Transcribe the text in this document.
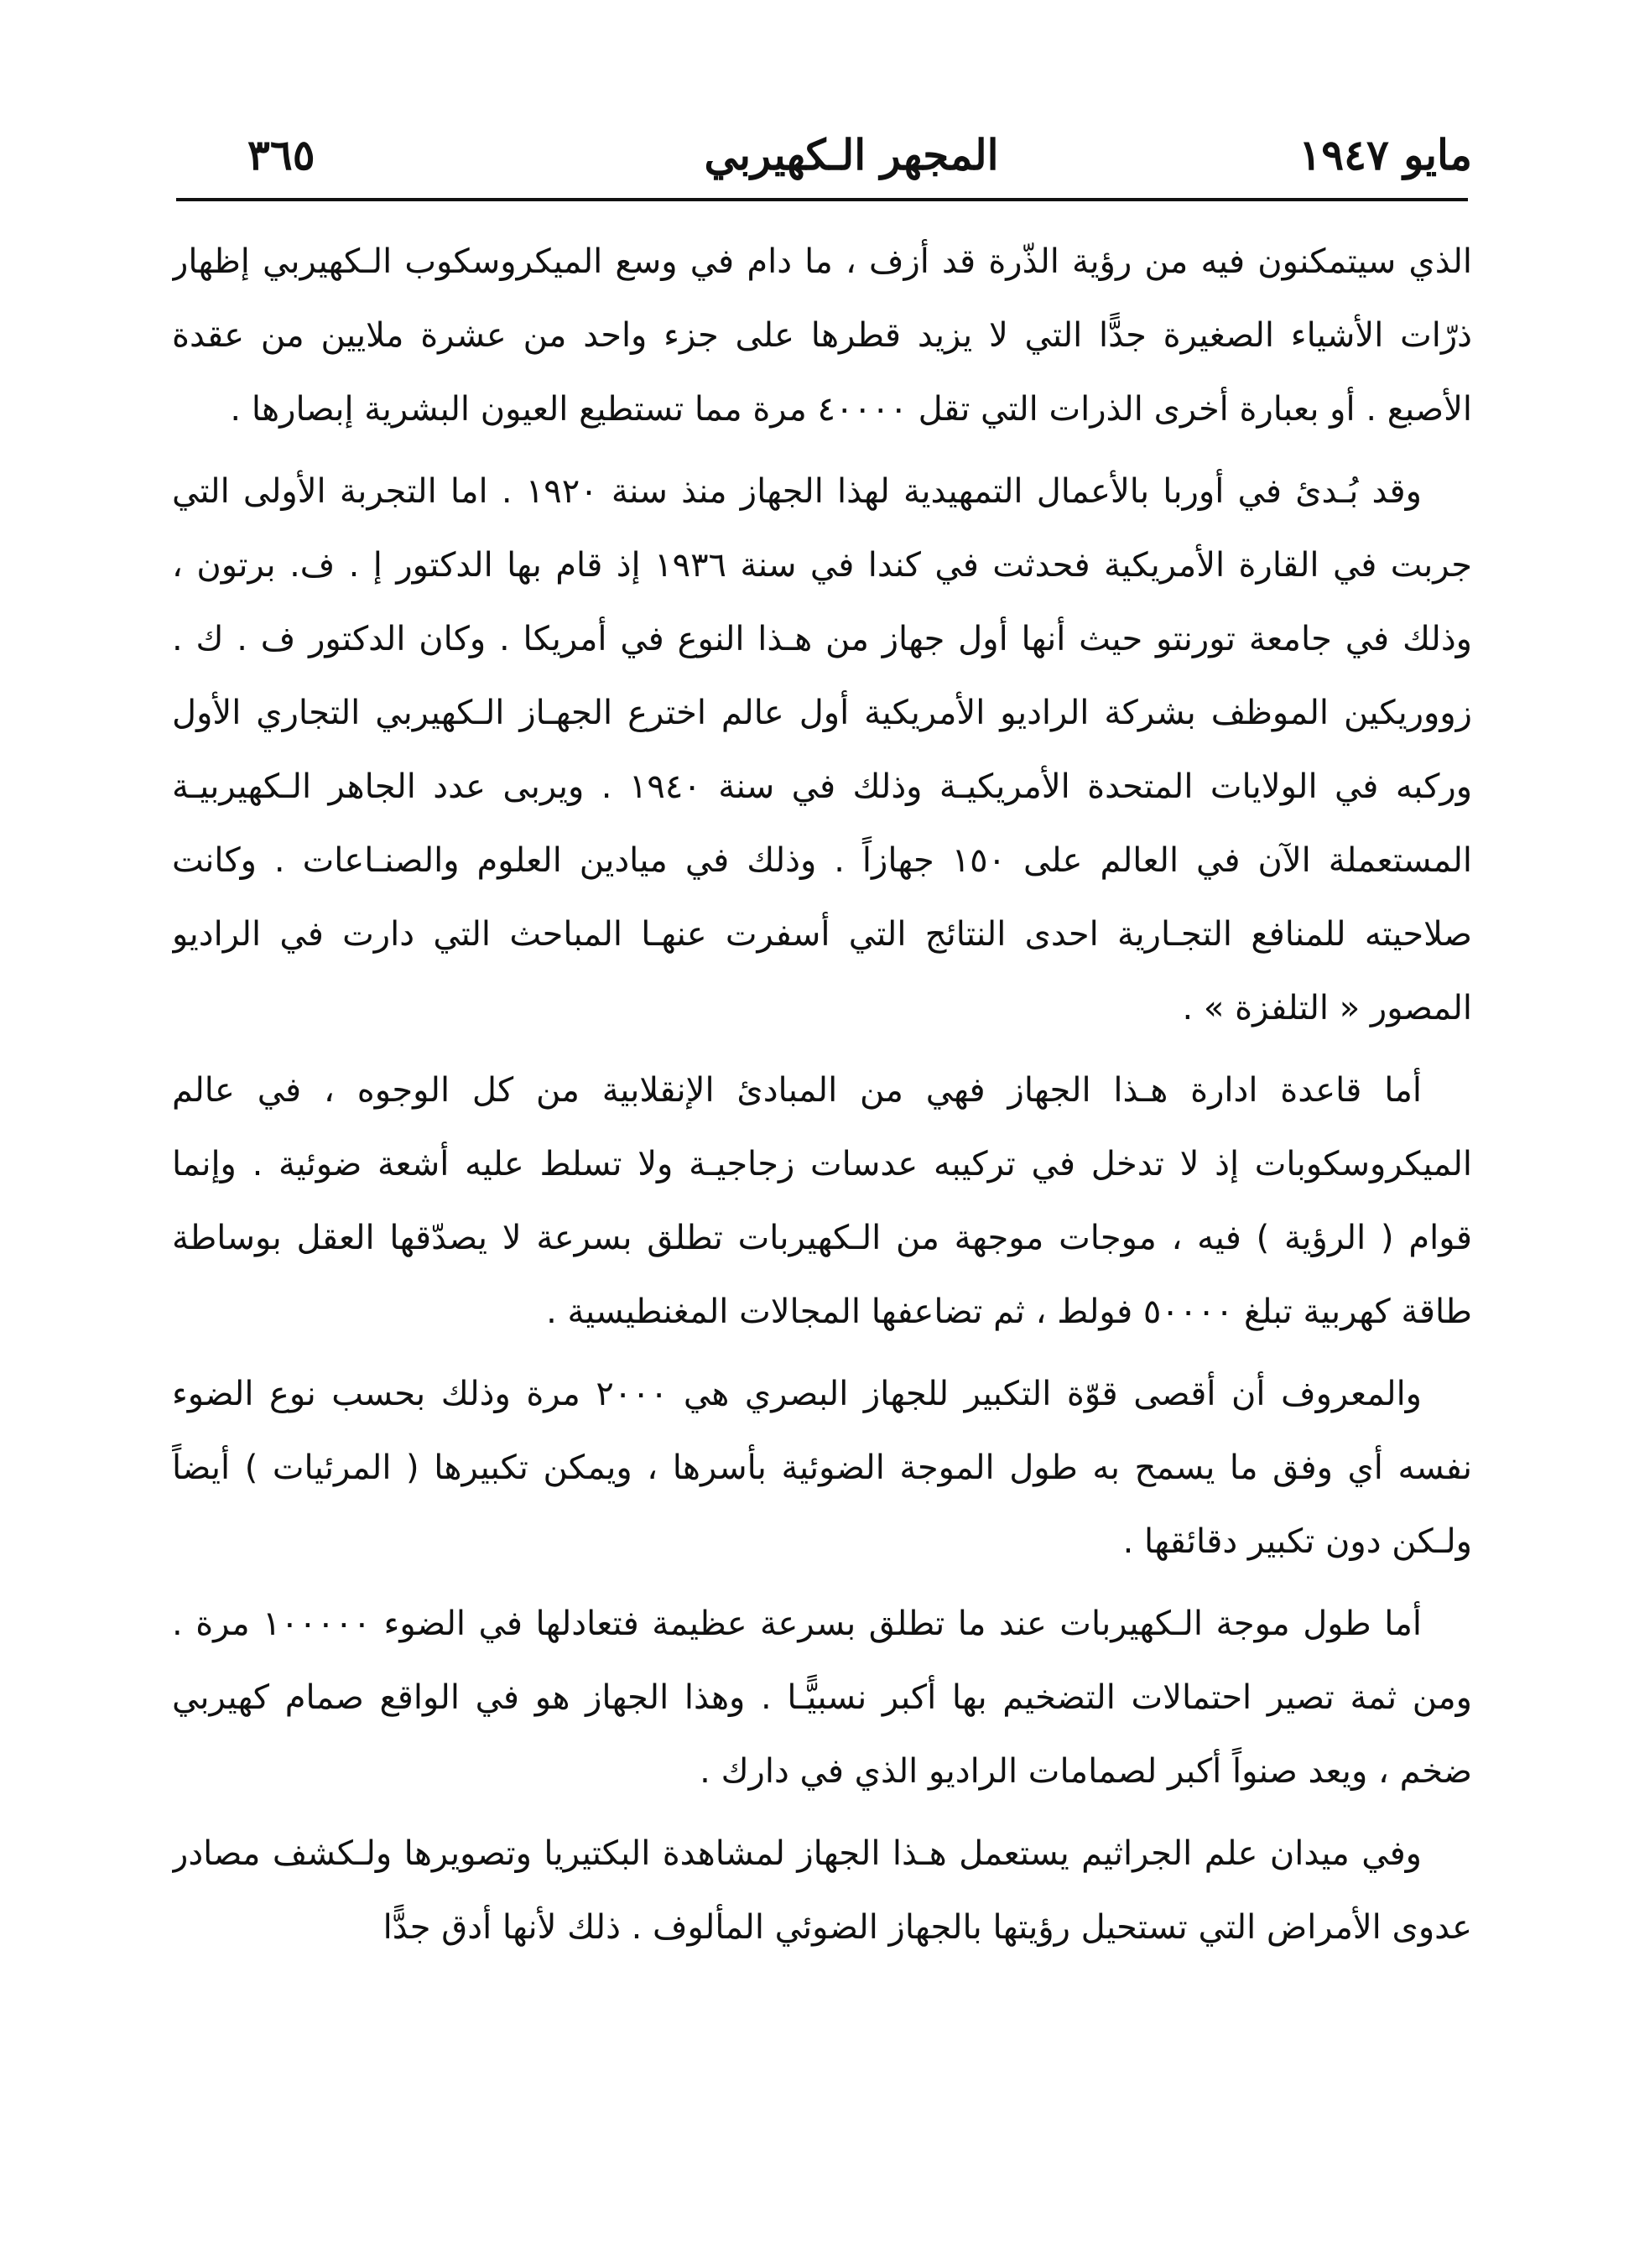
مايو ١٩٤٧
المجهر الـكهيربي
٣٦٥

الذي سيتمكنون فيه من رؤية الذّرة قد أزف ، ما دام في وسع الميكروسكوب الـكهيربي إظهار ذرّات الأشياء الصغيرة جدًّا التي لا يزيد قطرها على جزء واحد من عشرة ملايين من عقدة الأصبع . أو بعبارة أخرى الذرات التي تقل ٤٠٠٠٠ مرة مما تستطيع العيون البشرية إبصارها .

وقد بُـدئ في أوربا بالأعمال التمهيدية لهذا الجهاز منذ سنة ١٩٢٠ . اما التجربة الأولى التي جربت في القارة الأمريكية فحدثت في كندا في سنة ١٩٣٦ إذ قام بها الدكتور إ . ف. برتون ، وذلك في جامعة تورنتو حيث أنها أول جهاز من هـذا النوع في أمريكا . وكان الدكتور ف . ك . زووريكين الموظف بشركة الراديو الأمريكية أول عالم اخترع الجهـاز الـكهيربي التجاري الأول وركبه في الولايات المتحدة الأمريكيـة وذلك في سنة ١٩٤٠ . ويربى عدد الجاهر الـكهيربيـة المستعملة الآن في العالم على ١٥٠ جهازاً . وذلك في ميادين العلوم والصنـاعات . وكانت صلاحيته للمنافع التجـارية احدى النتائج التي أسفرت عنهـا المباحث التي دارت في الراديو المصور « التلفزة » .

أما قاعدة ادارة هـذا الجهاز فهي من المبادئ الإنقلابية من كل الوجوه ، في عالم الميكروسكوبات إذ لا تدخل في تركيبه عدسات زجاجيـة ولا تسلط عليه أشعة ضوئية . وإنما قوام ( الرؤية ) فيه ، موجات موجهة من الـكهيربات تطلق بسرعة لا يصدّقها العقل بوساطة طاقة كهربية تبلغ ٥٠٠٠٠ فولط ، ثم تضاعفها المجالات المغنطيسية .

والمعروف أن أقصى قوّة التكبير للجهاز البصري هي ٢٠٠٠ مرة وذلك بحسب نوع الضوء نفسه أي وفق ما يسمح به طول الموجة الضوئية بأسرها ، ويمكن تكبيرها ( المرئيات ) أيضاً ولـكن دون تكبير دقائقها .

أما طول موجة الـكهيربات عند ما تطلق بسرعة عظيمة فتعادلها في الضوء ١٠٠٠٠٠ مرة . ومن ثمة تصير احتمالات التضخيم بها أكبر نسبيًّـا . وهذا الجهاز هو في الواقع صمام كهيربي ضخم ، ويعد صنواً أكبر لصمامات الراديو الذي في دارك .

وفي ميدان علم الجراثيم يستعمل هـذا الجهاز لمشاهدة البكتيريا وتصويرها ولـكشف مصادر عدوى الأمراض التي تستحيل رؤيتها بالجهاز الضوئي المألوف . ذلك لأنها أدق جدًّا
